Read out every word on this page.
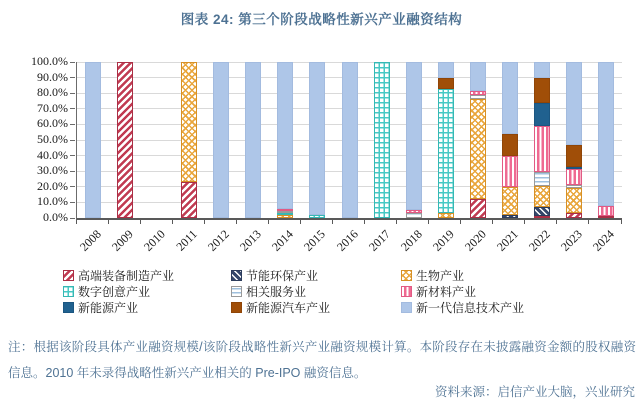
图表 24: 第三个阶段战略性新兴产业融资结构
高端装备制造产业	节能环保产业	生物产业
数字创意产业	相关服务业	新材料产业
新能源产业	新能源汽车产业	新一代信息技术产业
注：根据该阶段具体产业融资规模/该阶段战略性新兴产业融资规模计算。本阶段存在未披露融资金额的股权融资信息。2010 年未录得战略性新兴产业相关的 Pre-IPO 融资信息。
资料来源：启信产业大脑，兴业研究
0.0%
10.0%
20.0%
30.0%
40.0%
50.0%
60.0%
70.0%
80.0%
90.0%
100.0%
2008 2009 2010 2011 2012 2013 2014 2015 2016 2017 2018 2019 2020 2021 2022 2023 2024
